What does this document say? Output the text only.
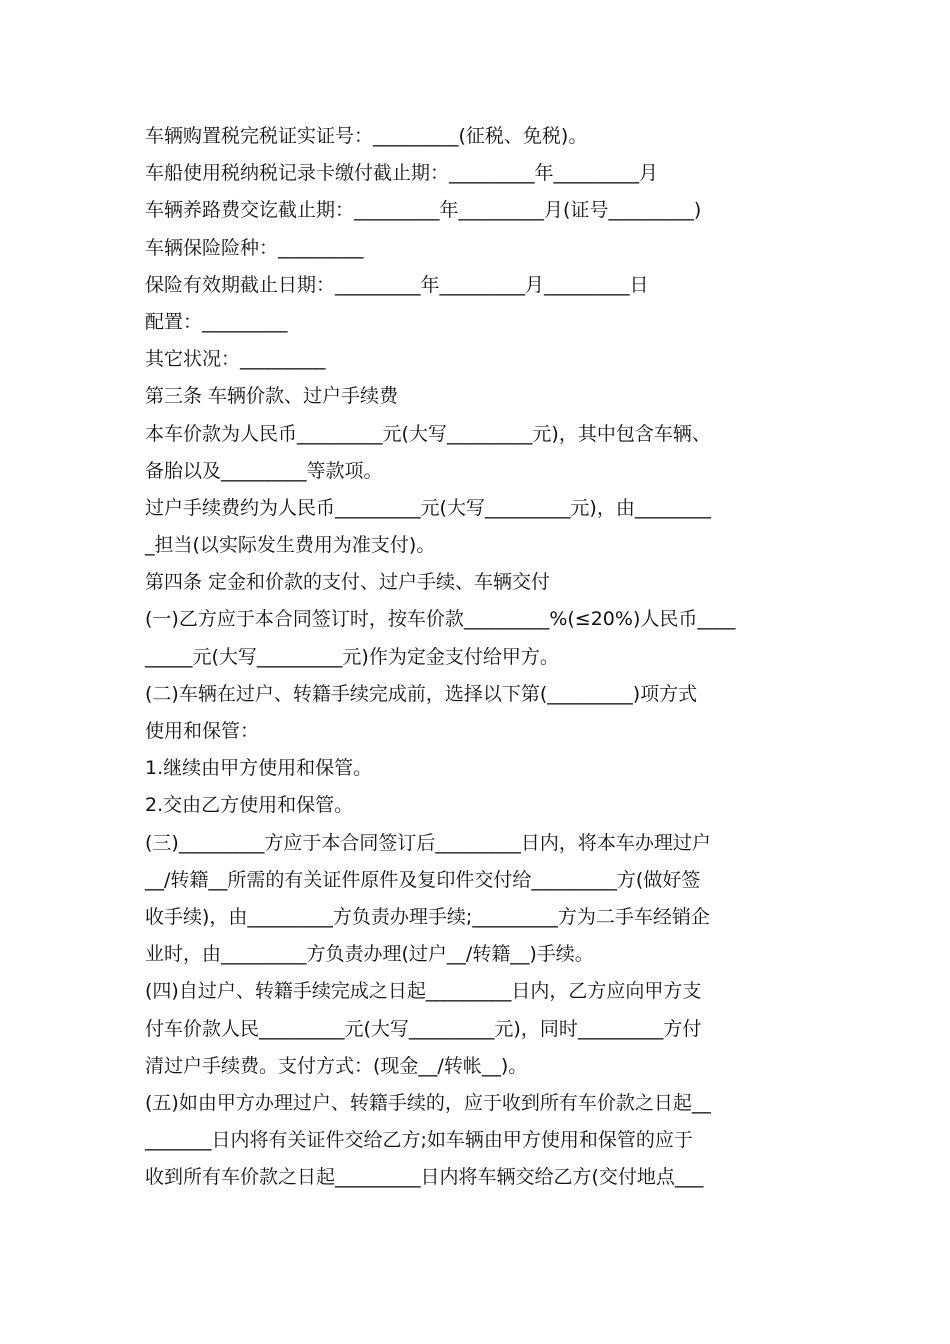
车辆购置税完税证实证号：_________(征税、免税)。
车船使用税纳税记录卡缴付截止期：_________年_________月
车辆养路费交讫截止期：_________年_________月(证号_________)
车辆保险险种：_________
保险有效期截止日期：_________年_________月_________日
配置：_________
其它状况：_________
第三条 车辆价款、过户手续费
本车价款为人民币_________元(大写_________元)，其中包含车辆、
备胎以及_________等款项。
过户手续费约为人民币_________元(大写_________元)，由________
_担当(以实际发生费用为准支付)。
第四条 定金和价款的支付、过户手续、车辆交付
(一)乙方应于本合同签订时，按车价款_________%(≤20%)人民币____
_____元(大写_________元)作为定金支付给甲方。
(二)车辆在过户、转籍手续完成前，选择以下第(_________)项方式
使用和保管：
1.继续由甲方使用和保管。
2.交由乙方使用和保管。
(三)_________方应于本合同签订后_________日内，将本车办理过户
__/转籍__所需的有关证件原件及复印件交付给_________方(做好签
收手续)，由_________方负责办理手续;_________方为二手车经销企
业时，由_________方负责办理(过户__/转籍__)手续。
(四)自过户、转籍手续完成之日起_________日内，乙方应向甲方支
付车价款人民_________元(大写_________元)，同时_________方付
清过户手续费。支付方式：(现金__/转帐__)。
(五)如由甲方办理过户、转籍手续的，应于收到所有车价款之日起__
_______日内将有关证件交给乙方;如车辆由甲方使用和保管的应于
收到所有车价款之日起_________日内将车辆交给乙方(交付地点___
